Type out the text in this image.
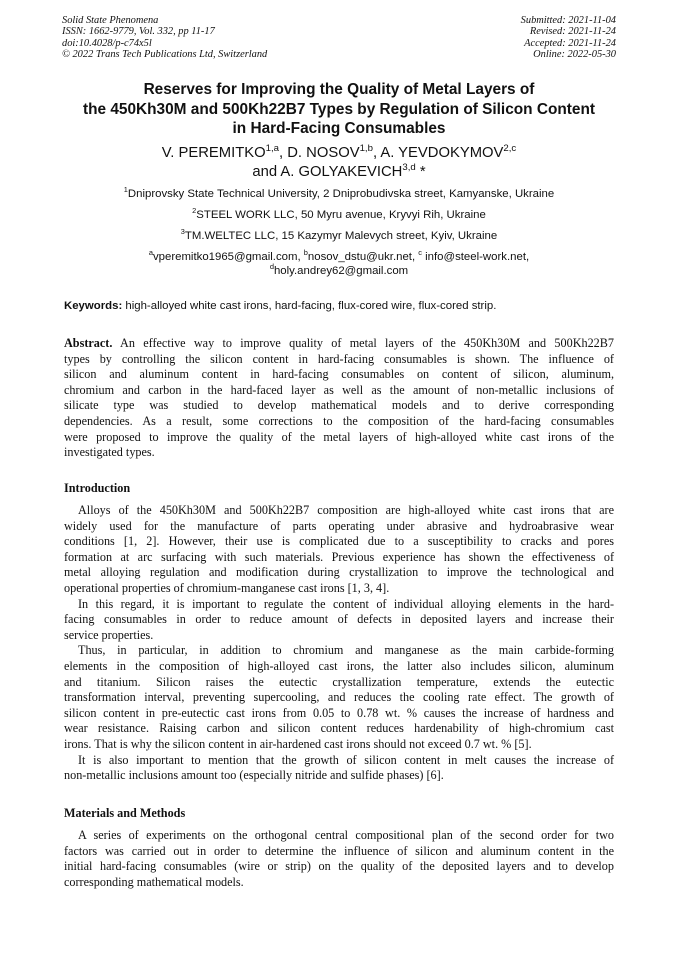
Solid State Phenomena
ISSN: 1662-9779, Vol. 332, pp 11-17
doi:10.4028/p-c74x5l
© 2022 Trans Tech Publications Ltd, Switzerland
Submitted: 2021-11-04
Revised: 2021-11-24
Accepted: 2021-11-24
Online: 2022-05-30
Reserves for Improving the Quality of Metal Layers of
the 450Kh30M and 500Kh22B7 Types by Regulation of Silicon Content
in Hard-Facing Consumables
V. PEREMITKO$^{1,a}$, D. NOSOV$^{1,b}$, A. YEVDOKYMOV$^{2,c}$
and A. GOLYAKEVICH$^{3,d}$ *
$^1$Dniprovsky State Technical University, 2 Dniprobudivska street, Kamyanske, Ukraine
$^2$STEEL WORK LLC, 50 Myru avenue, Kryvyi Rih, Ukraine
$^3$TM.WELTEC LLC, 15 Kazymyr Malevych street, Kyiv, Ukraine
$^a$vperemitko1965@gmail.com, $^b$nosov_dstu@ukr.net, $^c$ info@steel-work.net,
$^d$holy.andrey62@gmail.com
Keywords: high-alloyed white cast irons, hard-facing, flux-cored wire, flux-cored strip.
Abstract. An effective way to improve quality of metal layers of the 450Kh30M and 500Kh22B7
types by controlling the silicon content in hard-facing consumables is shown. The influence of
silicon and aluminum content in hard-facing consumables on content of silicon, aluminum,
chromium and carbon in the hard-faced layer as well as the amount of non-metallic inclusions of
silicate type was studied to develop mathematical models and to derive corresponding
dependencies. As a result, some corrections to the composition of the hard-facing consumables
were proposed to improve the quality of the metal layers of high-alloyed white cast irons of the
investigated types.
Introduction
Alloys of the 450Kh30M and 500Kh22B7 composition are high-alloyed white cast irons that are
widely used for the manufacture of parts operating under abrasive and hydroabrasive wear
conditions [1, 2]. However, their use is complicated due to a susceptibility to cracks and pores
formation at arc surfacing with such materials. Previous experience has shown the effectiveness of
metal alloying regulation and modification during crystallization to improve the technological and
operational properties of chromium-manganese cast irons [1, 3, 4].
In this regard, it is important to regulate the content of individual alloying elements in the hard-
facing consumables in order to reduce amount of defects in deposited layers and increase their
service properties.
Thus, in particular, in addition to chromium and manganese as the main carbide-forming
elements in the composition of high-alloyed cast irons, the latter also includes silicon, aluminum
and titanium. Silicon raises the eutectic crystallization temperature, extends the eutectic
transformation interval, preventing supercooling, and reduces the cooling rate effect. The growth of
silicon content in pre-eutectic cast irons from 0.05 to 0.78 wt. % causes the increase of hardness and
wear resistance. Raising carbon and silicon content reduces hardenability of high-chromium cast
irons. That is why the silicon content in air-hardened cast irons should not exceed 0.7 wt. % [5].
It is also important to mention that the growth of silicon content in melt causes the increase of
non-metallic inclusions amount too (especially nitride and sulfide phases) [6].
Materials and Methods
A series of experiments on the orthogonal central compositional plan of the second order for two
factors was carried out in order to determine the influence of silicon and aluminum content in the
initial hard-facing consumables (wire or strip) on the quality of the deposited layers and to develop
corresponding mathematical models.
